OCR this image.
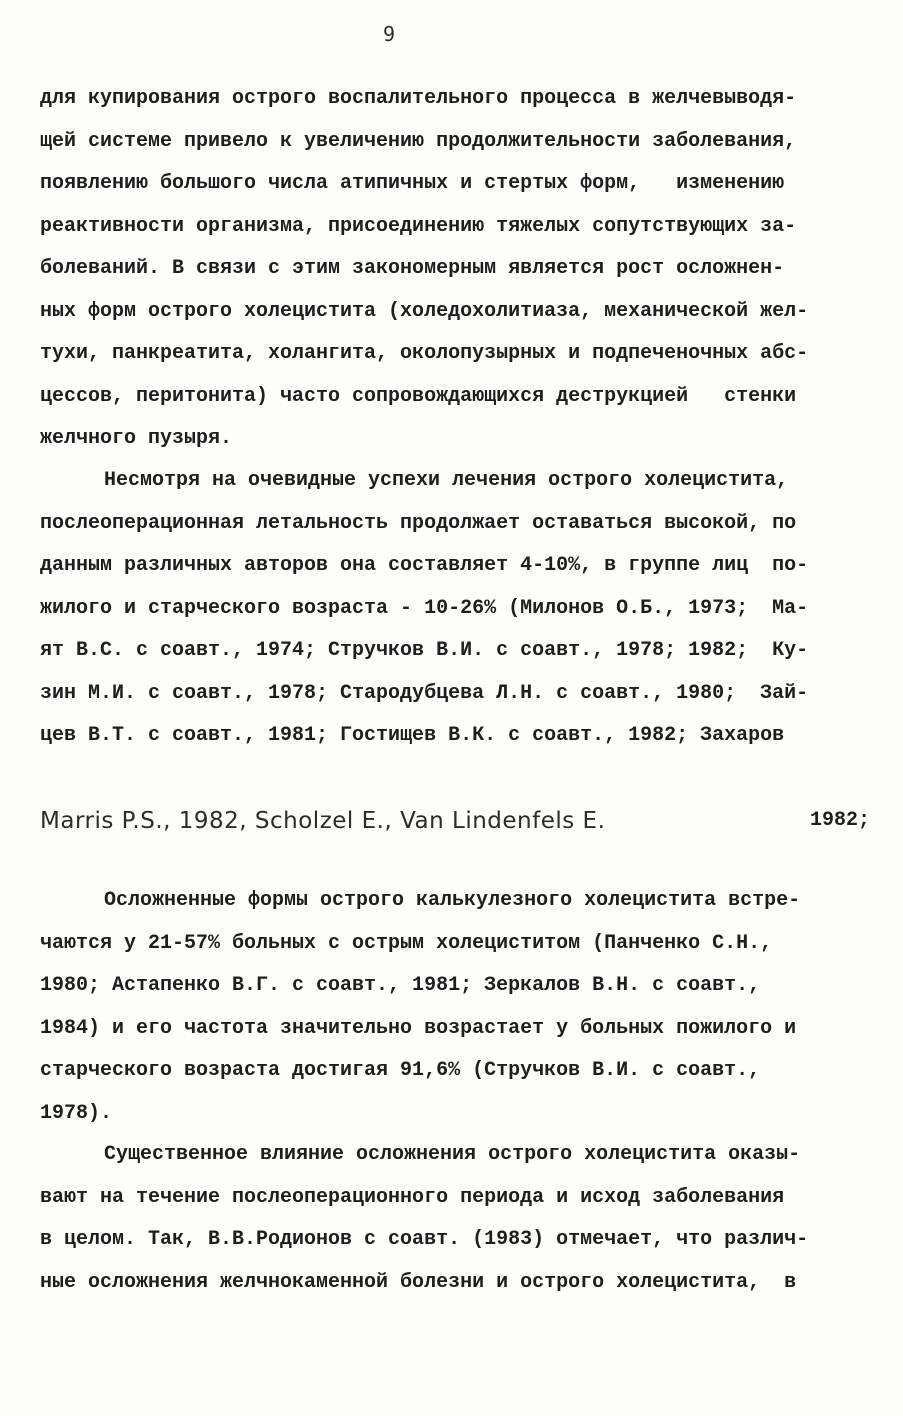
9
для купирования острого воспалительного процесса в желчевыводя-
щей системе привело к увеличению продолжительности заболевания,
появлению большого числа атипичных и стертых форм,   изменению
реактивности организма, присоединению тяжелых сопутствующих за-
болеваний. В связи с этим закономерным является рост осложнен-
ных форм острого холецистита (холедохолитиаза, механической жел-
тухи, панкреатита, холангита, околопузырных и подпеченочных абс-
цессов, перитонита) часто сопровождающихся деструкцией   стенки
желчного пузыря.
Несмотря на очевидные успехи лечения острого холецистита,
послеоперационная летальность продолжает оставаться высокой, по
данным различных авторов она составляет 4-10%, в группе лиц  по-
жилого и старческого возраста - 10-26% (Милонов О.Б., 1973;  Ма-
ят В.С. с соавт., 1974; Стручков В.И. с соавт., 1978; 1982;  Ку-
зин М.И. с соавт., 1978; Стародубцева Л.Н. с соавт., 1980;  Зай-
цев В.Т. с соавт., 1981; Гостищев В.К. с соавт., 1982; Захаров

Marris P.S., 1982, Scholzel E., Van Lindenfels E.	1982;

Осложненные формы острого калькулезного холецистита встре-
чаются у 21-57% больных с острым холециститом (Панченко С.Н.,
1980; Астапенко В.Г. с соавт., 1981; Зеркалов В.Н. с соавт.,
1984) и его частота значительно возрастает у больных пожилого и
старческого возраста достигая 91,6% (Стручков В.И. с соавт.,
1978).
Существенное влияние осложнения острого холецистита оказы-
вают на течение послеоперационного периода и исход заболевания
в целом. Так, В.В.Родионов с соавт. (1983) отмечает, что различ-
ные осложнения желчнокаменной болезни и острого холецистита,  в
